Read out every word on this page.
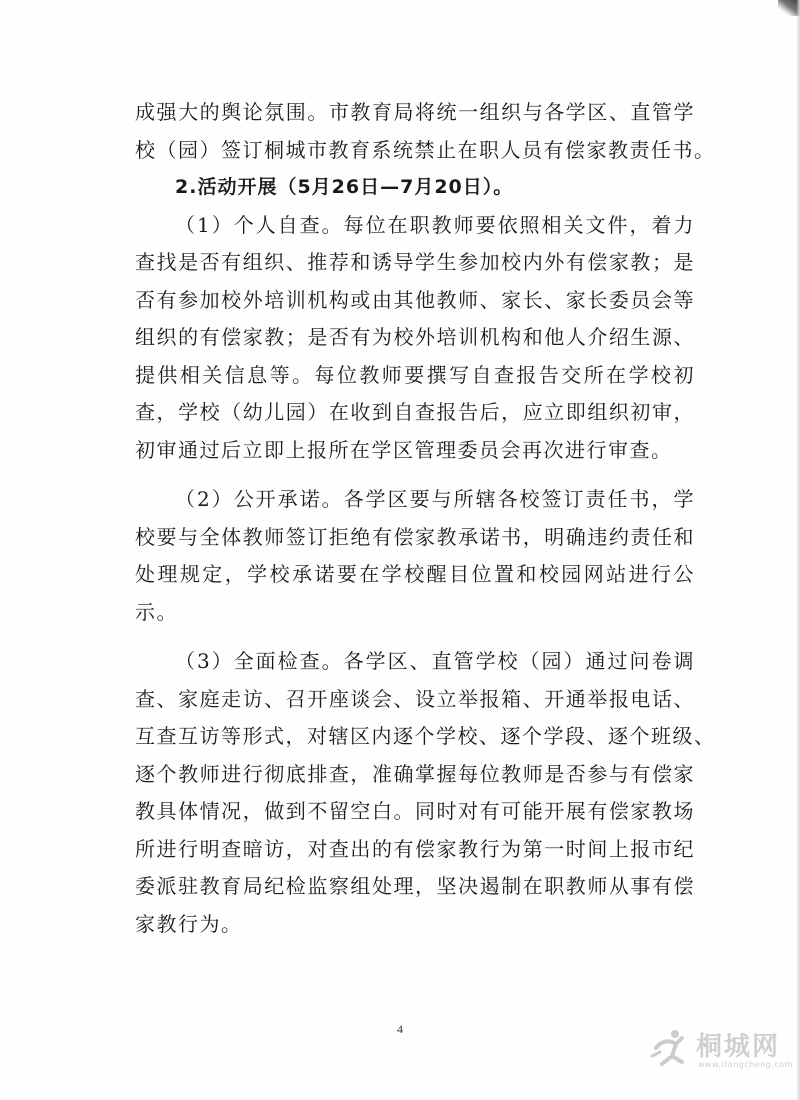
成强大的舆论氛围。市教育局将统一组织与各学区、直管学
校（园）签订桐城市教育系统禁止在职人员有偿家教责任书。
2.活动开展（5月26日—7月20日）。
（1）个人自查。每位在职教师要依照相关文件，着力
查找是否有组织、推荐和诱导学生参加校内外有偿家教；是
否有参加校外培训机构或由其他教师、家长、家长委员会等
组织的有偿家教；是否有为校外培训机构和他人介绍生源、
提供相关信息等。每位教师要撰写自查报告交所在学校初
查，学校（幼儿园）在收到自查报告后，应立即组织初审，
初审通过后立即上报所在学区管理委员会再次进行审查。
（2）公开承诺。各学区要与所辖各校签订责任书，学
校要与全体教师签订拒绝有偿家教承诺书，明确违约责任和
处理规定，学校承诺要在学校醒目位置和校园网站进行公
示。
（3）全面检查。各学区、直管学校（园）通过问卷调
查、家庭走访、召开座谈会、设立举报箱、开通举报电话、
互查互访等形式，对辖区内逐个学校、逐个学段、逐个班级、
逐个教师进行彻底排查，准确掌握每位教师是否参与有偿家
教具体情况，做到不留空白。同时对有可能开展有偿家教场
所进行明查暗访，对查出的有偿家教行为第一时间上报市纪
委派驻教育局纪检监察组处理，坚决遏制在职教师从事有偿
家教行为。
4
桐城网
www.itongcheng.com
